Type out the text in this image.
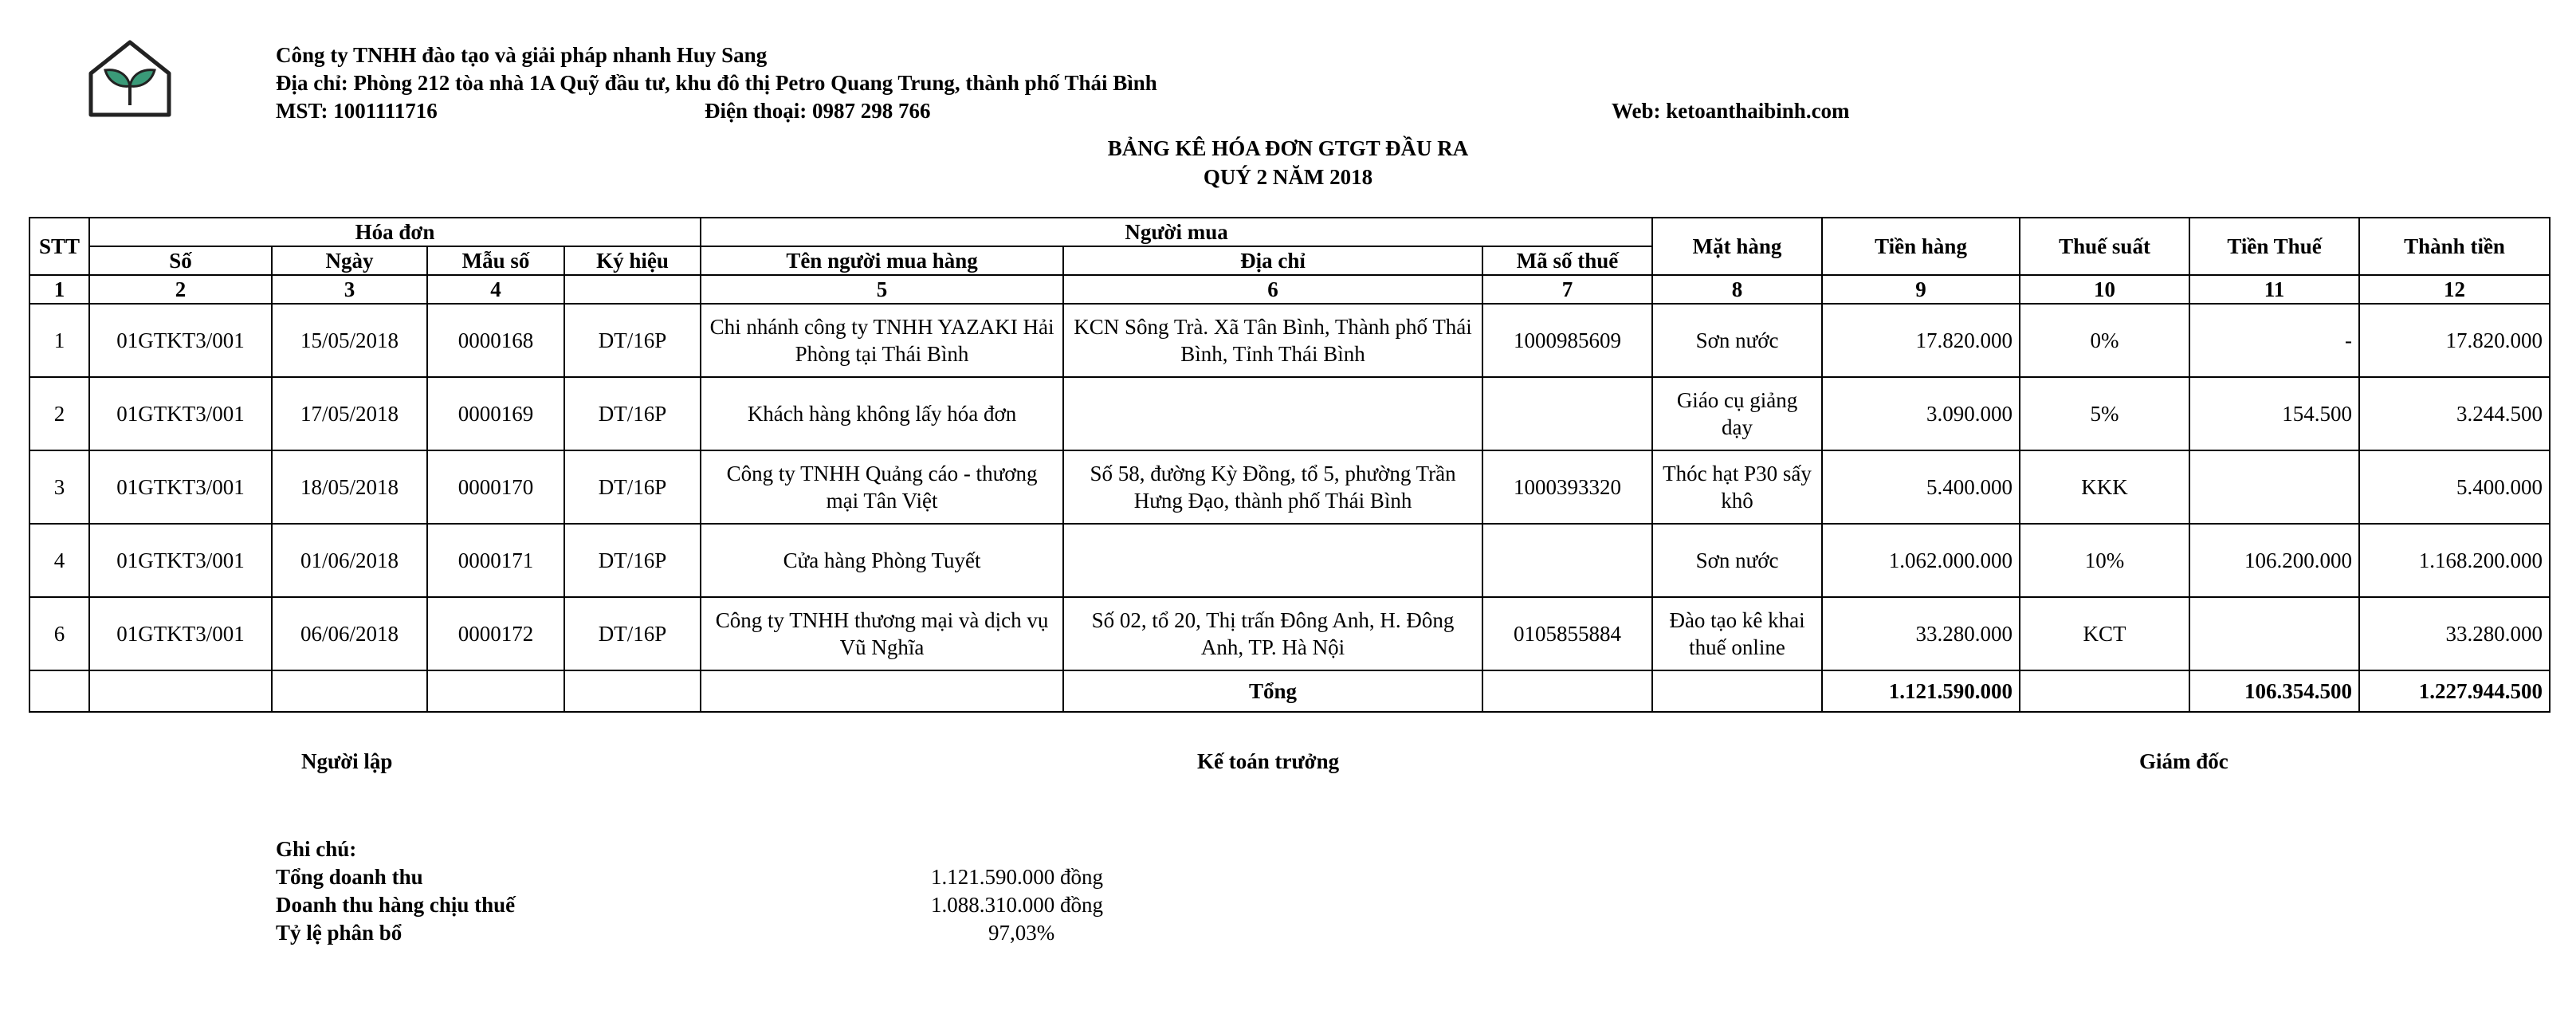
Công ty TNHH đào tạo và giải pháp nhanh Huy Sang
Địa chỉ: Phòng 212 tòa nhà 1A Quỹ đầu tư, khu đô thị Petro Quang Trung, thành phố Thái Bình
MST: 1001111716	Điện thoại: 0987 298 766	Web: ketoanthaibinh.com
BẢNG KÊ HÓA ĐƠN GTGT ĐẦU RA
QUÝ 2 NĂM 2018
STT	Hóa đơn				Người mua			Mặt hàng	Tiền hàng	Thuế suất	Tiền Thuế	Thành tiền
	Số	Ngày	Mẫu số	Ký hiệu	Tên người mua hàng	Địa chỉ	Mã số thuế					
1	2	3	4		5	6	7	8	9	10	11	12
1	01GTKT3/001	15/05/2018	0000168	DT/16P	Chi nhánh công ty TNHH YAZAKI Hải Phòng tại Thái Bình	KCN Sông Trà. Xã Tân Bình, Thành phố Thái Bình, Tỉnh Thái Bình	1000985609	Sơn nước	17.820.000	0%	-	17.820.000
2	01GTKT3/001	17/05/2018	0000169	DT/16P	Khách hàng không lấy hóa đơn			Giáo cụ giảng dạy	3.090.000	5%	154.500	3.244.500
3	01GTKT3/001	18/05/2018	0000170	DT/16P	Công ty TNHH Quảng cáo - thương mại Tân Việt	Số 58, đường Kỳ Đồng, tổ 5, phường Trần Hưng Đạo, thành phố Thái Bình	1000393320	Thóc hạt P30 sấy khô	5.400.000	KKK		5.400.000
4	01GTKT3/001	01/06/2018	0000171	DT/16P	Cửa hàng Phòng Tuyết			Sơn nước	1.062.000.000	10%	106.200.000	1.168.200.000
6	01GTKT3/001	06/06/2018	0000172	DT/16P	Công ty TNHH thương mại và dịch vụ Vũ Nghĩa	Số 02, tổ 20, Thị trấn Đông Anh, H. Đông Anh, TP. Hà Nội	0105855884	Đào tạo kê khai thuế online	33.280.000	KCT		33.280.000
						Tổng			1.121.590.000		106.354.500	1.227.944.500
Người lập	Kế toán trưởng	Giám đốc
Ghi chú:
Tổng doanh thu	1.121.590.000 đồng
Doanh thu hàng chịu thuế	1.088.310.000 đồng
Tỷ lệ phân bổ	97,03%
